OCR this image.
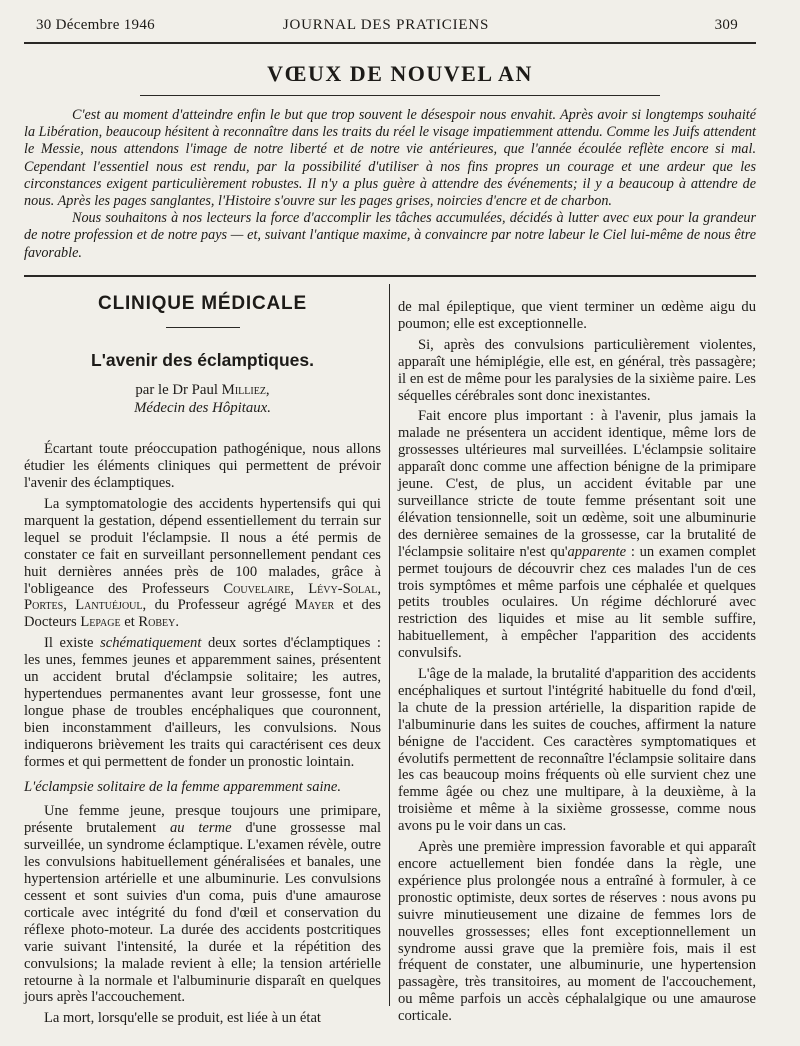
30 Décembre 1946	JOURNAL DES PRATICIENS	309
VŒUX DE NOUVEL AN

C'est au moment d'atteindre enfin le but que trop souvent le désespoir nous envahit. Après avoir si longtemps souhaité la Libération, beaucoup hésitent à reconnaître dans les traits du réel le visage impatiemment attendu. Comme les Juifs attendent le Messie, nous attendons l'image de notre liberté et de notre vie antérieures, que l'année écoulée reflète encore si mal. Cependant l'essentiel nous est rendu, par la possibilité d'utiliser à nos fins propres un courage et une ardeur que les circonstances exigent particulièrement robustes. Il n'y a plus guère à attendre des événements; il y a beaucoup à attendre de nous. Après les pages sanglantes, l'Histoire s'ouvre sur les pages grises, noircies d'encre et de charbon.

Nous souhaitons à nos lecteurs la force d'accomplir les tâches accumulées, décidés à lutter avec eux pour la grandeur de notre profession et de notre pays — et, suivant l'antique maxime, à convaincre par notre labeur le Ciel lui-même de nous être favorable.

CLINIQUE MÉDICALE
L'avenir des éclamptiques.
par le Dr Paul Milliez,
Médecin des Hôpitaux.

Écartant toute préoccupation pathogénique, nous allons étudier les éléments cliniques qui permettent de prévoir l'avenir des éclamptiques.

La symptomatologie des accidents hypertensifs qui qui marquent la gestation, dépend essentiellement du terrain sur lequel se produit l'éclampsie. Il nous a été permis de constater ce fait en surveillant personnellement pendant ces huit dernières années près de 100 malades, grâce à l'obligeance des Professeurs Couvelaire, Lévy-Solal, Portes, Lantuéjoul, du Professeur agrégé Mayer et des Docteurs Lepage et Robey.

Il existe schématiquement deux sortes d'éclamptiques : les unes, femmes jeunes et apparemment saines, présentent un accident brutal d'éclampsie solitaire; les autres, hypertendues permanentes avant leur grossesse, font une longue phase de troubles encéphaliques que couronnent, bien inconstamment d'ailleurs, les convulsions. Nous indiquerons brièvement les traits qui caractérisent ces deux formes et qui permettent de fonder un pronostic lointain.

L'éclampsie solitaire de la femme apparemment saine.

Une femme jeune, presque toujours une primipare, présente brutalement au terme d'une grossesse mal surveillée, un syndrome éclamptique. L'examen révèle, outre les convulsions habituellement généralisées et banales, une hypertension artérielle et une albuminurie. Les convulsions cessent et sont suivies d'un coma, puis d'une amaurose corticale avec intégrité du fond d'œil et conservation du réflexe photo-moteur. La durée des accidents postcritiques varie suivant l'intensité, la durée et la répétition des convulsions; la malade revient à elle; la tension artérielle retourne à la normale et l'albuminurie disparaît en quelques jours après l'accouchement.

La mort, lorsqu'elle se produit, est liée à un état

de mal épileptique, que vient terminer un œdème aigu du poumon; elle est exceptionnelle.

Si, après des convulsions particulièrement violentes, apparaît une hémiplégie, elle est, en général, très passagère; il en est de même pour les paralysies de la sixième paire. Les séquelles cérébrales sont donc inexistantes.

Fait encore plus important : à l'avenir, plus jamais la malade ne présentera un accident identique, même lors de grossesses ultérieures mal surveillées. L'éclampsie solitaire apparaît donc comme une affection bénigne de la primipare jeune. C'est, de plus, un accident évitable par une surveillance stricte de toute femme présentant soit une élévation tensionnelle, soit un œdème, soit une albuminurie des dernièree semaines de la grossesse, car la brutalité de l'éclampsie solitaire n'est qu'apparente : un examen complet permet toujours de découvrir chez ces malades l'un de ces trois symptômes et même parfois une céphalée et quelques petits troubles oculaires. Un régime déchloruré avec restriction des liquides et mise au lit semble suffire, habituellement, à empêcher l'apparition des accidents convulsifs.

L'âge de la malade, la brutalité d'apparition des accidents encéphaliques et surtout l'intégrité habituelle du fond d'œil, la chute de la pression artérielle, la disparition rapide de l'albuminurie dans les suites de couches, affirment la nature bénigne de l'accident. Ces caractères symptomatiques et évolutifs permettent de reconnaître l'éclampsie solitaire dans les cas beaucoup moins fréquents où elle survient chez une femme âgée ou chez une multipare, à la deuxième, à la troisième et même à la sixième grossesse, comme nous avons pu le voir dans un cas.

Après une première impression favorable et qui apparaît encore actuellement bien fondée dans la règle, une expérience plus prolongée nous a entraîné à formuler, à ce pronostic optimiste, deux sortes de réserves : nous avons pu suivre minutieusement une dizaine de femmes lors de nouvelles grossesses; elles font exceptionnellement un syndrome aussi grave que la première fois, mais il est fréquent de constater, une albuminurie, une hypertension passagère, très transitoires, au moment de l'accouchement, ou même parfois un accès céphalalgique ou une amaurose corticale.
